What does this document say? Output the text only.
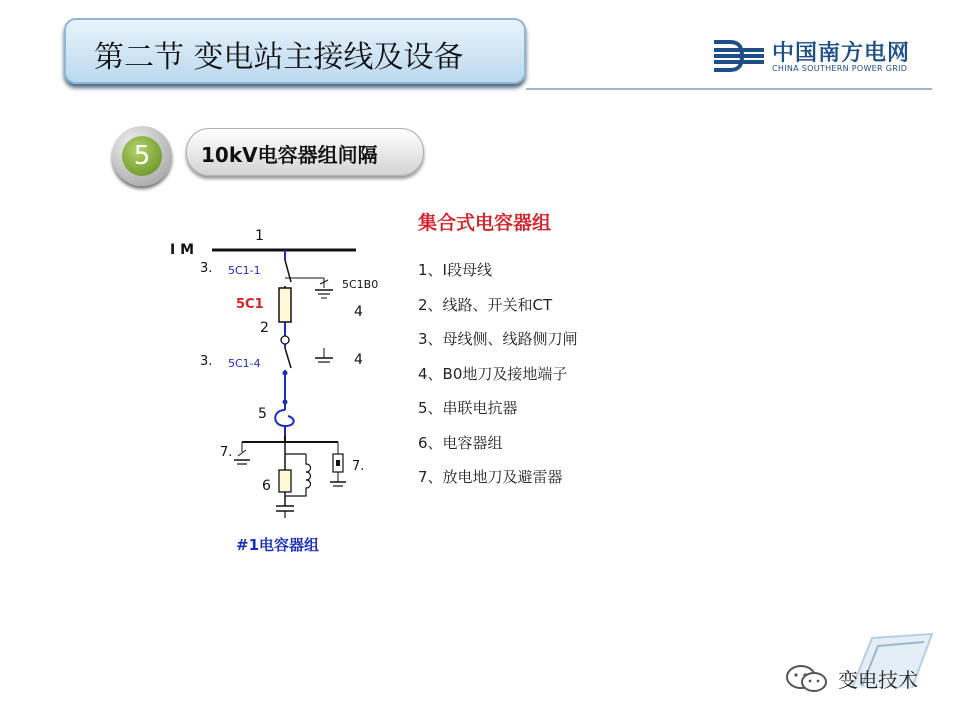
第二节 变电站主接线及设备	中国南方电网
CHINA SOUTHERN POWER GRID
5	10kV电容器组间隔
I M
1
3. 5C1-1
5C1B0
4
5C1
2
3. 5C1-4	4
5
7.
7.
6
#1电容器组
集合式电容器组
1、Ⅰ段母线
2、线路、开关和CT
3、母线侧、线路侧刀闸
4、B0地刀及接地端子
5、串联电抗器
6、电容器组
7、放电地刀及避雷器
变电技术
